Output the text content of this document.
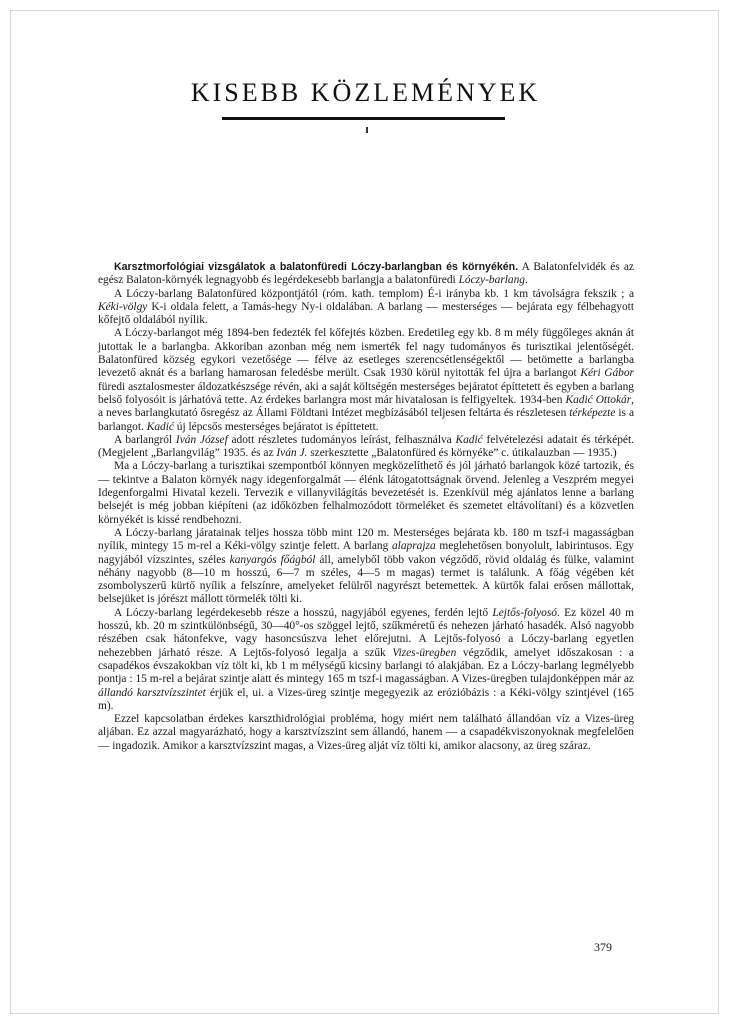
KISEBB KÖZLEMÉNYEK

Karsztmorfológiai vizsgálatok a balatonfüredi Lóczy-barlangban és környékén. A Balatonfelvidék és az egész Balaton-környék legnagyobb és legérdekesebb barlangja a balatonfüredi Lóczy-barlang.

A Lóczy-barlang Balatonfüred központjától (róm. kath. templom) É-i irányba kb. 1 km távolságra fekszik ; a Kéki-völgy K-i oldala felett, a Tamás-hegy Ny-i oldalában. A barlang — mesterséges — bejárata egy félbehagyott kőfejtő oldalából nyílik.

A Lóczy-barlangot még 1894-ben fedezték fel kőfejtés közben. Eredetileg egy kb. 8 m mély függőleges aknán át jutottak le a barlangba. Akkoriban azonban még nem ismerték fel nagy tudományos és turisztikai jelentőségét. Balatonfüred község egykori vezetősége — félve az esetleges szerencsétlenségektől — betömette a barlangba levezető aknát és a barlang hamarosan feledésbe merült. Csak 1930 körül nyitották fel újra a barlangot Kéri Gábor füredi asztalosmester áldozatkészsége révén, aki a saját költségén mesterséges bejáratot építtetett és egyben a barlang belső folyosóit is járhatóvá tette. Az érdekes barlangra most már hivatalosan is felfigyeltek. 1934-ben Kadić Ottokár, a neves barlangkutató ősregész az Állami Földtani Intézet megbízásából teljesen feltárta és részletesen térképezte is a barlangot. Kadić új lépcsős mesterséges bejáratot is építtetett.

A barlangról Iván József adott részletes tudományos leírást, felhasználva Kadić felvételezési adatait és térképét. (Megjelent „Barlangvilág” 1935. és az Iván J. szerkesztette „Balatonfüred és környéke” c. útikalauzban — 1935.)

Ma a Lóczy-barlang a turisztikai szempontból könnyen megközelíthető és jól járható barlangok közé tartozik, és — tekintve a Balaton környék nagy idegenforgalmát — élénk látogatottságnak örvend. Jelenleg a Veszprém megyei Idegenforgalmi Hivatal kezeli. Tervezik e villanyvilágítás bevezetését is. Ezenkívül még ajánlatos lenne a barlang belsejét is még jobban kiépíteni (az időközben felhalmozódott törmeléket és szemetet eltávolítani) és a közvetlen környékét is kissé rendbehozni.

A Lóczy-barlang járatainak teljes hossza több mint 120 m. Mesterséges bejárata kb. 180 m tszf-i magasságban nyílik, mintegy 15 m-rel a Kéki-völgy szintje felett. A barlang alaprajza meglehetősen bonyolult, labirintusos. Egy nagyjából vízszintes, széles kanyargós főágból áll, amelyből több vakon végződő, rövid oldalág és fülke, valamint néhány nagyobb (8—10 m hosszú, 6—7 m széles, 4—5 m magas) termet is találunk. A főág végében két zsombolyszerű kürtő nyílik a felszínre, amelyeket felülről nagyrészt betemettek. A kürtők falai erősen mállottak, belsejüket is jórészt mállott törmelék tölti ki.

A Lóczy-barlang legérdekesebb része a hosszú, nagyjából egyenes, ferdén lejtő Lejtős-folyosó. Ez közel 40 m hosszú, kb. 20 m szintkülönbségű, 30—40°-os szöggel lejtő, szűkméretű és nehezen járható hasadék. Alsó nagyobb részében csak hátonfekve, vagy hasoncsúszva lehet előrejutni. A Lejtős-folyosó a Lóczy-barlang egyetlen nehezebben járható része. A Lejtős-folyosó legalja a szűk Vizes-üregben végződik, amelyet időszakosan : a csapadékos évszakokban víz tölt ki, kb 1 m mélységű kicsiny barlangi tó alakjában. Ez a Lóczy-barlang legmélyebb pontja : 15 m-rel a bejárat szintje alatt és mintegy 165 m tszf-i magasságban. A Vizes-üregben tulajdonképpen már az állandó karsztvízszintet érjük el, ui. a Vizes-üreg szintje megegyezik az erózióbázis : a Kéki-völgy szintjével (165 m).

Ezzel kapcsolatban érdekes karszthidrológiai probléma, hogy miért nem található állandóan víz a Vizes-üreg aljában. Ez azzal magyarázható, hogy a karsztvízszint sem állandó, hanem — a csapadékviszonyoknak megfelelően — ingadozik. Amikor a karsztvízszint magas, a Vizes-üreg alját víz tölti ki, amikor alacsony, az üreg száraz.

379
